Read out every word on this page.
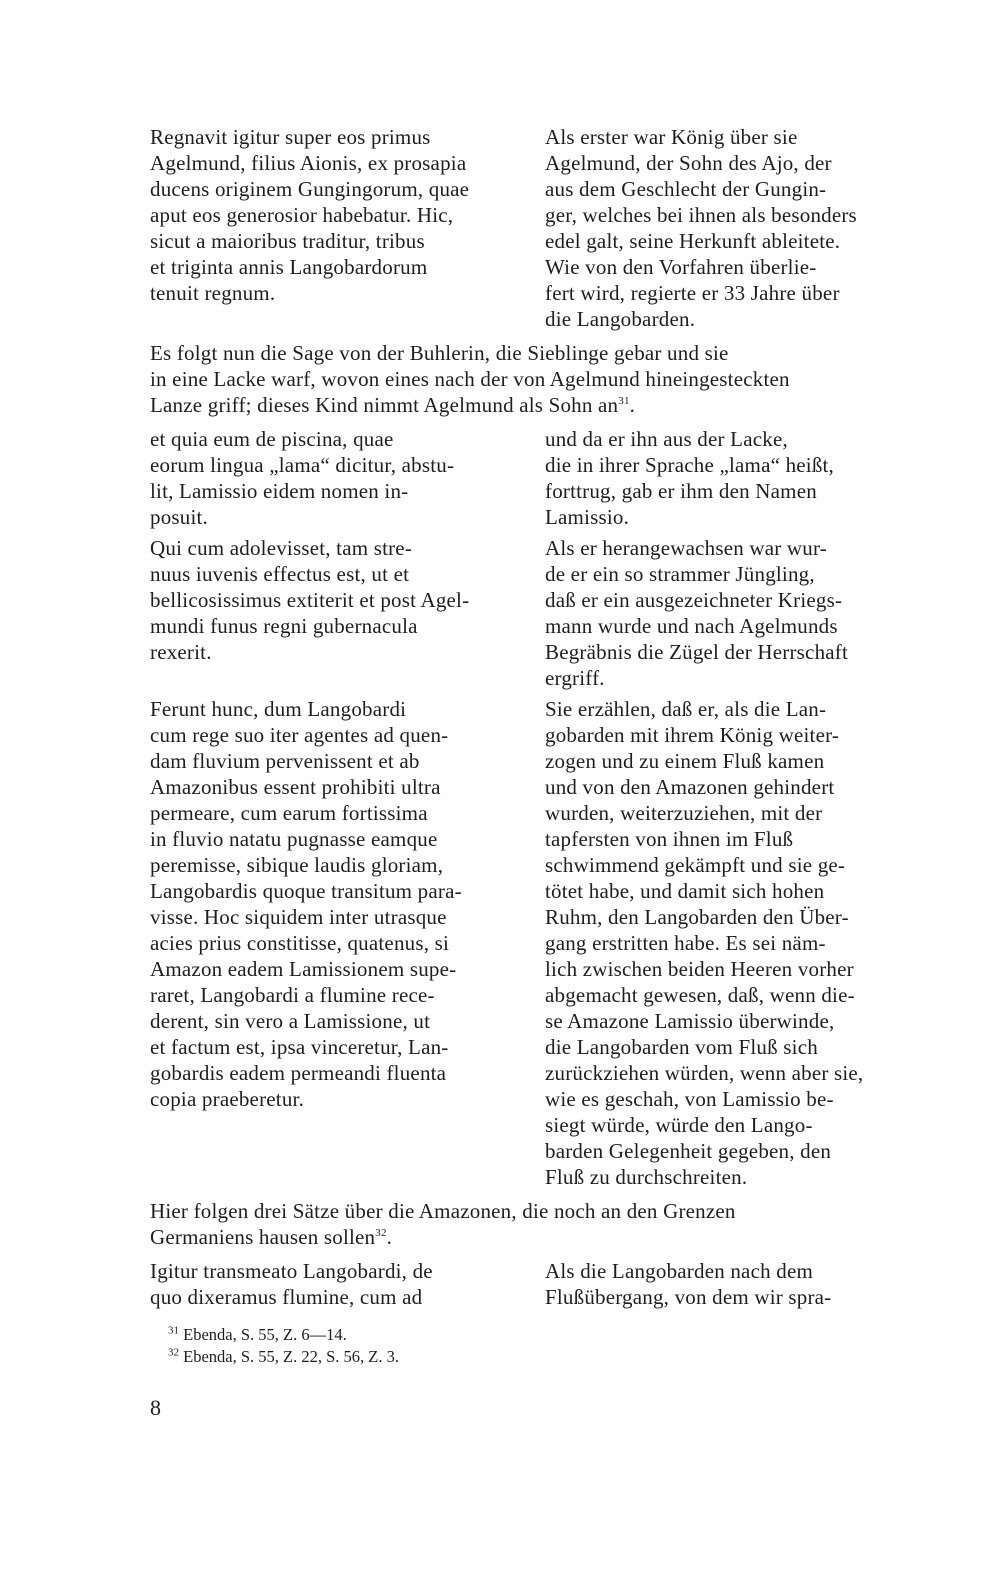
Regnavit igitur super eos primus
Agelmund, filius Aionis, ex prosapia
ducens originem Gungingorum, quae
aput eos generosior habebatur. Hic,
sicut a maioribus traditur, tribus
et triginta annis Langobardorum
tenuit regnum.
Als erster war König über sie
Agelmund, der Sohn des Ajo, der
aus dem Geschlecht der Gungin-
ger, welches bei ihnen als besonders
edel galt, seine Herkunft ableitete.
Wie von den Vorfahren überlie-
fert wird, regierte er 33 Jahre über
die Langobarden.
Es folgt nun die Sage von der Buhlerin, die Sieblinge gebar und sie
in eine Lacke warf, wovon eines nach der von Agelmund hineingesteckten
Lanze griff; dieses Kind nimmt Agelmund als Sohn $an^{31}$.
et quia eum de piscina, quae
eorum lingua „lama“ dicitur, abstu-
lit, Lamissio eidem nomen in-
posuit.
und da er ihn aus der Lacke,
die in ihrer Sprache „lama“ heißt,
forttrug, gab er ihm den Namen
Lamissio.
Qui cum adolevisset, tam stre-
nuus iuvenis effectus est, ut et
bellicosissimus extiterit et post Agel-
mundi funus regni gubernacula
rexerit.
Als er herangewachsen war wur-
de er ein so strammer Jüngling,
daß er ein ausgezeichneter Kriegs-
mann wurde und nach Agelmunds
Begräbnis die Zügel der Herrschaft
ergriff.
Ferunt hunc, dum Langobardi
cum rege suo iter agentes ad quen-
dam fluvium pervenissent et ab
Amazonibus essent prohibiti ultra
permeare, cum earum fortissima
in fluvio natatu pugnasse eamque
peremisse, sibique laudis gloriam,
Langobardis quoque transitum para-
visse. Hoc siquidem inter utrasque
acies prius constitisse, quatenus, si
Amazon eadem Lamissionem supe-
raret, Langobardi a flumine rece-
derent, sin vero a Lamissione, ut
et factum est, ipsa vinceretur, Lan-
gobardis eadem permeandi fluenta
copia praeberetur.
Sie erzählen, daß er, als die Lan-
gobarden mit ihrem König weiter-
zogen und zu einem Fluß kamen
und von den Amazonen gehindert
wurden, weiterzuziehen, mit der
tapfersten von ihnen im Fluß
schwimmend gekämpft und sie ge-
tötet habe, und damit sich hohen
Ruhm, den Langobarden den Über-
gang erstritten habe. Es sei näm-
lich zwischen beiden Heeren vorher
abgemacht gewesen, daß, wenn die-
se Amazone Lamissio überwinde,
die Langobarden vom Fluß sich
zurückziehen würden, wenn aber sie,
wie es geschah, von Lamissio be-
siegt würde, würde den Lango-
barden Gelegenheit gegeben, den
Fluß zu durchschreiten.
Hier folgen drei Sätze über die Amazonen, die noch an den Grenzen
Germaniens hausen sollen$^{32}$.
Igitur transmeato Langobardi, de
quo dixeramus flumine, cum ad
Als die Langobarden nach dem
Flußübergang, von dem wir spra-
$^{31}$ Ebenda, S. 55, Z. 6—14.
$^{32}$ Ebenda, S. 55, Z. 22, S. 56, Z. 3.
8
